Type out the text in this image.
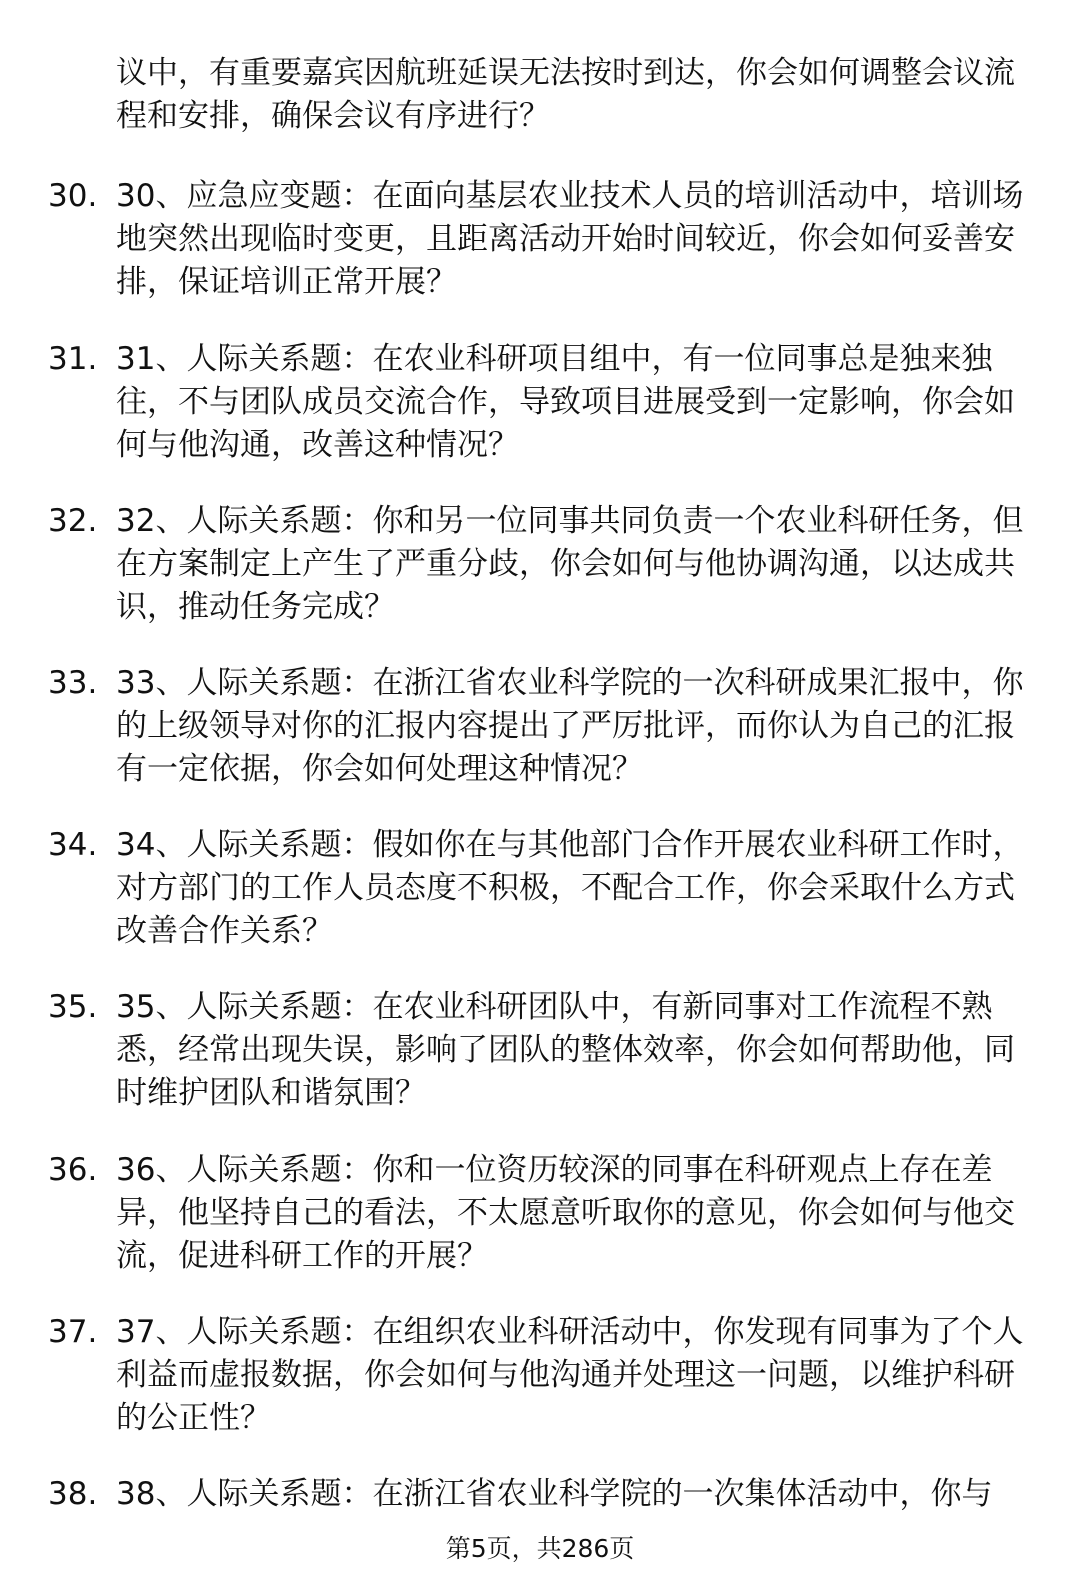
议中，有重要嘉宾因航班延误无法按时到达，你会如何调整会议流程和安排，确保会议有序进行？

30. 30、应急应变题：在面向基层农业技术人员的培训活动中，培训场地突然出现临时变更，且距离活动开始时间较近，你会如何妥善安排，保证培训正常开展？

31. 31、人际关系题：在农业科研项目组中，有一位同事总是独来独往，不与团队成员交流合作，导致项目进展受到一定影响，你会如何与他沟通，改善这种情况？

32. 32、人际关系题：你和另一位同事共同负责一个农业科研任务，但在方案制定上产生了严重分歧，你会如何与他协调沟通，以达成共识，推动任务完成？

33. 33、人际关系题：在浙江省农业科学院的一次科研成果汇报中，你的上级领导对你的汇报内容提出了严厉批评，而你认为自己的汇报有一定依据，你会如何处理这种情况？

34. 34、人际关系题：假如你在与其他部门合作开展农业科研工作时，对方部门的工作人员态度不积极，不配合工作，你会采取什么方式改善合作关系？

35. 35、人际关系题：在农业科研团队中，有新同事对工作流程不熟悉，经常出现失误，影响了团队的整体效率，你会如何帮助他，同时维护团队和谐氛围？

36. 36、人际关系题：你和一位资历较深的同事在科研观点上存在差异，他坚持自己的看法，不太愿意听取你的意见，你会如何与他交流，促进科研工作的开展？

37. 37、人际关系题：在组织农业科研活动中，你发现有同事为了个人利益而虚报数据，你会如何与他沟通并处理这一问题，以维护科研的公正性？

38. 38、人际关系题：在浙江省农业科学院的一次集体活动中，你与

第5页，共286页
